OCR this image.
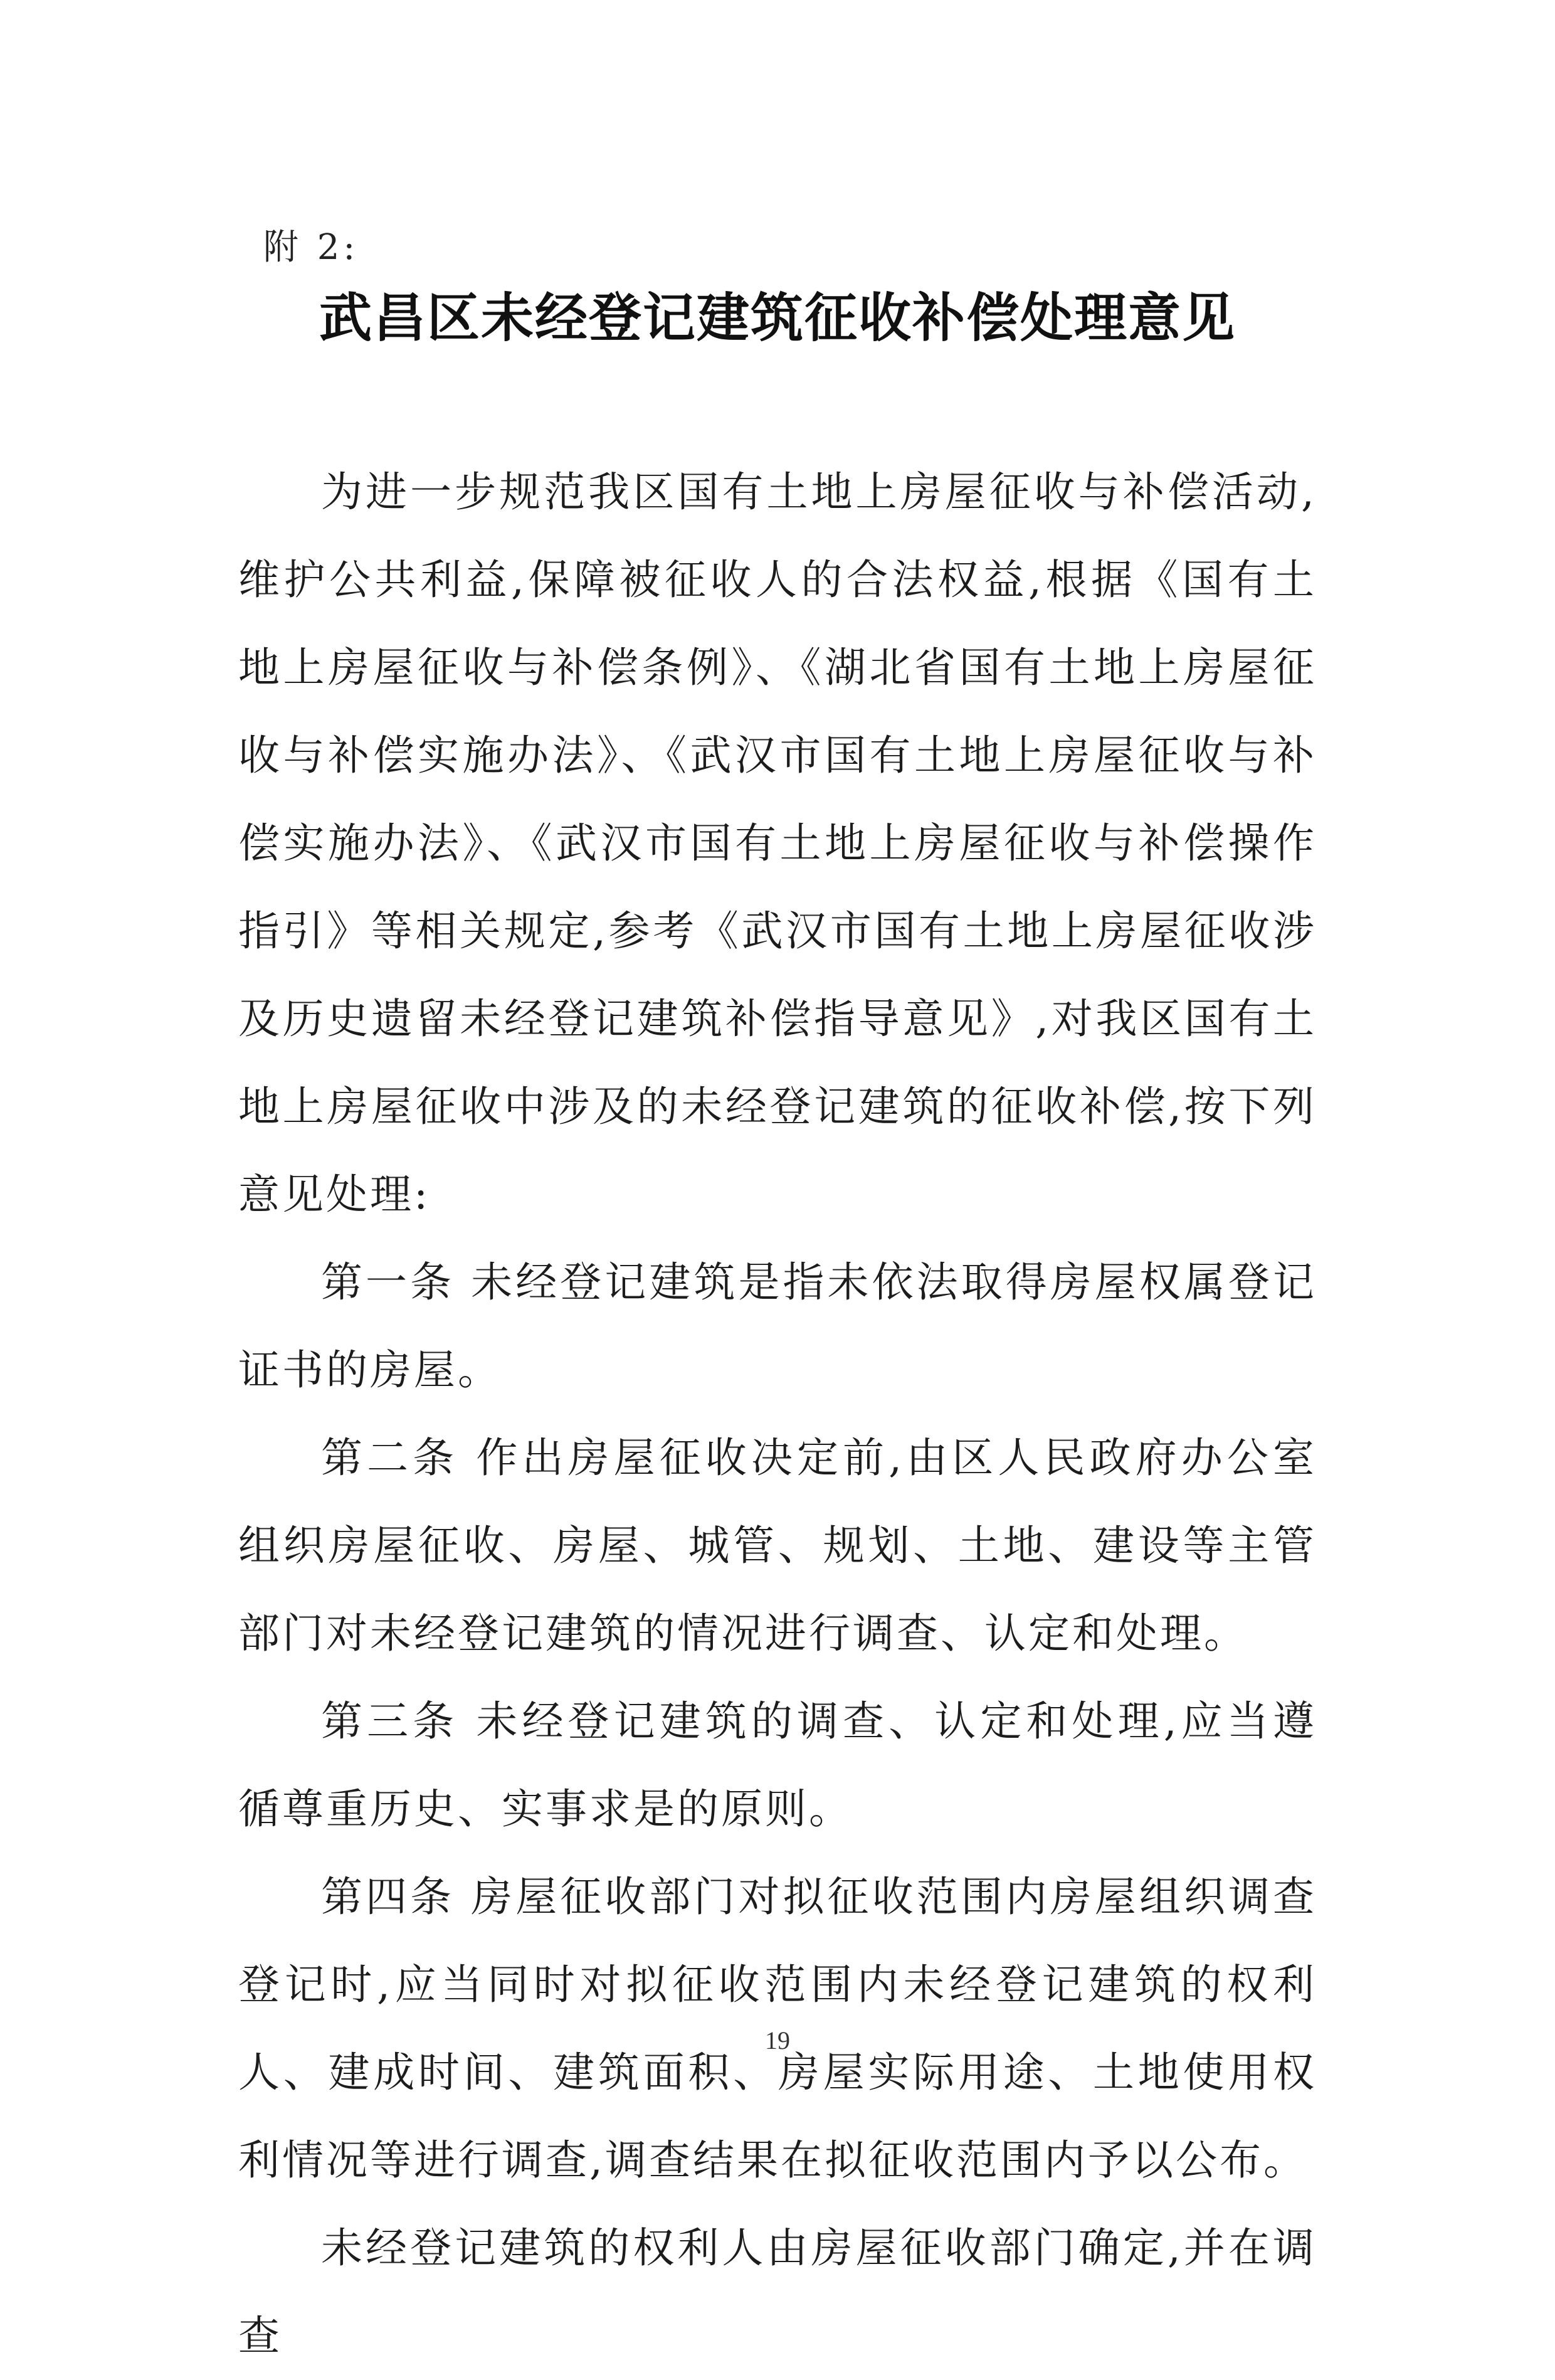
附 2:
武昌区未经登记建筑征收补偿处理意见

为进一步规范我区国有土地上房屋征收与补偿活动,维护公共利益,保障被征收人的合法权益,根据《国有土地上房屋征收与补偿条例》、《湖北省国有土地上房屋征收与补偿实施办法》、《武汉市国有土地上房屋征收与补偿实施办法》、《武汉市国有土地上房屋征收与补偿操作指引》等相关规定,参考《武汉市国有土地上房屋征收涉及历史遗留未经登记建筑补偿指导意见》,对我区国有土地上房屋征收中涉及的未经登记建筑的征收补偿,按下列意见处理:

第一条 未经登记建筑是指未依法取得房屋权属登记证书的房屋。

第二条 作出房屋征收决定前,由区人民政府办公室组织房屋征收、房屋、城管、规划、土地、建设等主管部门对未经登记建筑的情况进行调查、认定和处理。

第三条 未经登记建筑的调查、认定和处理,应当遵循尊重历史、实事求是的原则。

第四条 房屋征收部门对拟征收范围内房屋组织调查登记时,应当同时对拟征收范围内未经登记建筑的权利人、建成时间、建筑面积、房屋实际用途、土地使用权利情况等进行调查,调查结果在拟征收范围内予以公布。

未经登记建筑的权利人由房屋征收部门确定,并在调查

19
